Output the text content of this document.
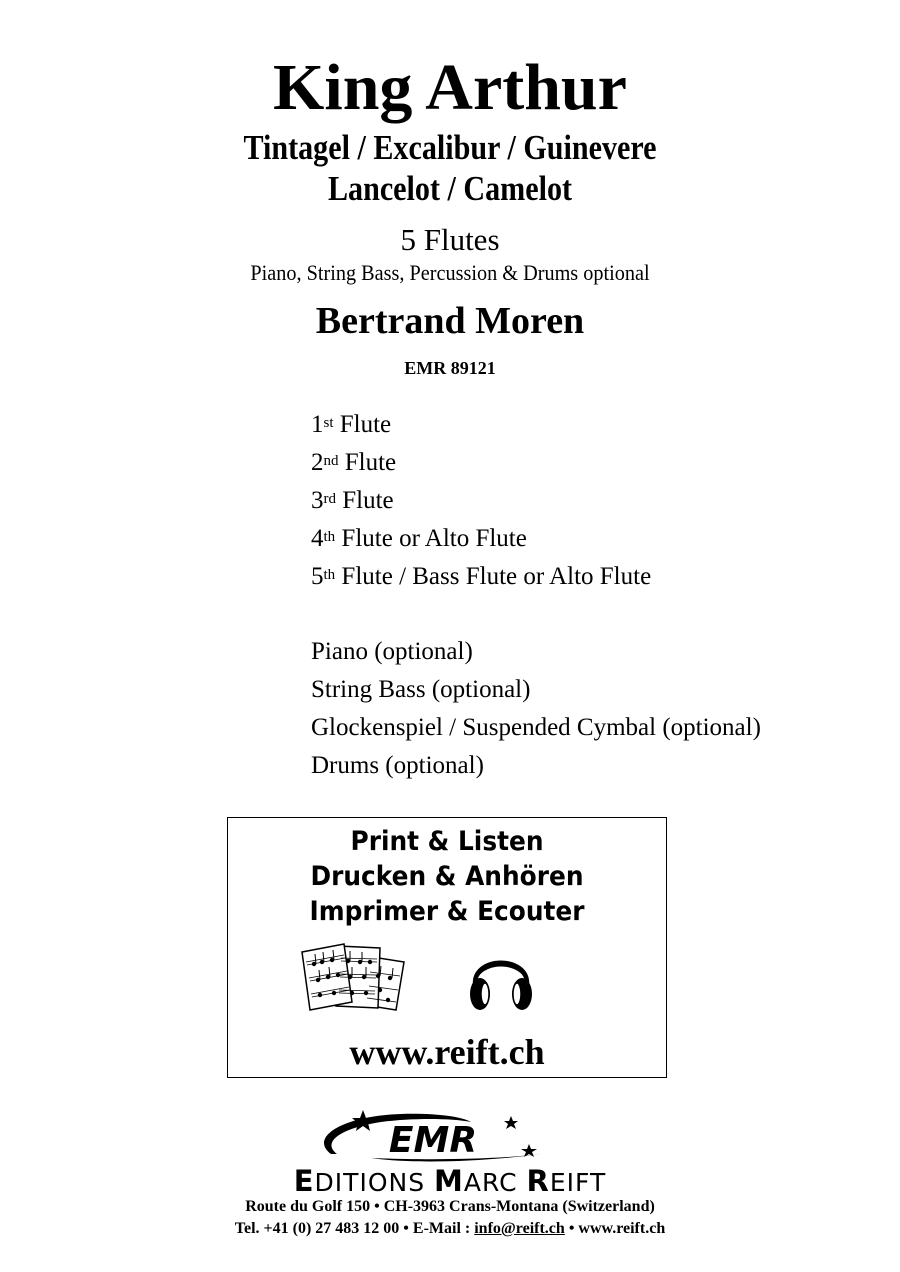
King Arthur
Tintagel / Excalibur / Guinevere
Lancelot / Camelot
5 Flutes
Piano, String Bass, Percussion & Drums optional
Bertrand Moren
EMR 89121
1st Flute
2nd Flute
3rd Flute
4th Flute or Alto Flute
5th Flute / Bass Flute or Alto Flute
Piano (optional)
String Bass (optional)
Glockenspiel / Suspended Cymbal (optional)
Drums (optional)
Print & Listen
Drucken & Anhören
Imprimer & Ecouter
www.reift.ch
EMR
EDITIONS MARC REIFT
Route du Golf 150 • CH-3963 Crans-Montana (Switzerland)
Tel. +41 (0) 27 483 12 00 • E-Mail : info@reift.ch • www.reift.ch
